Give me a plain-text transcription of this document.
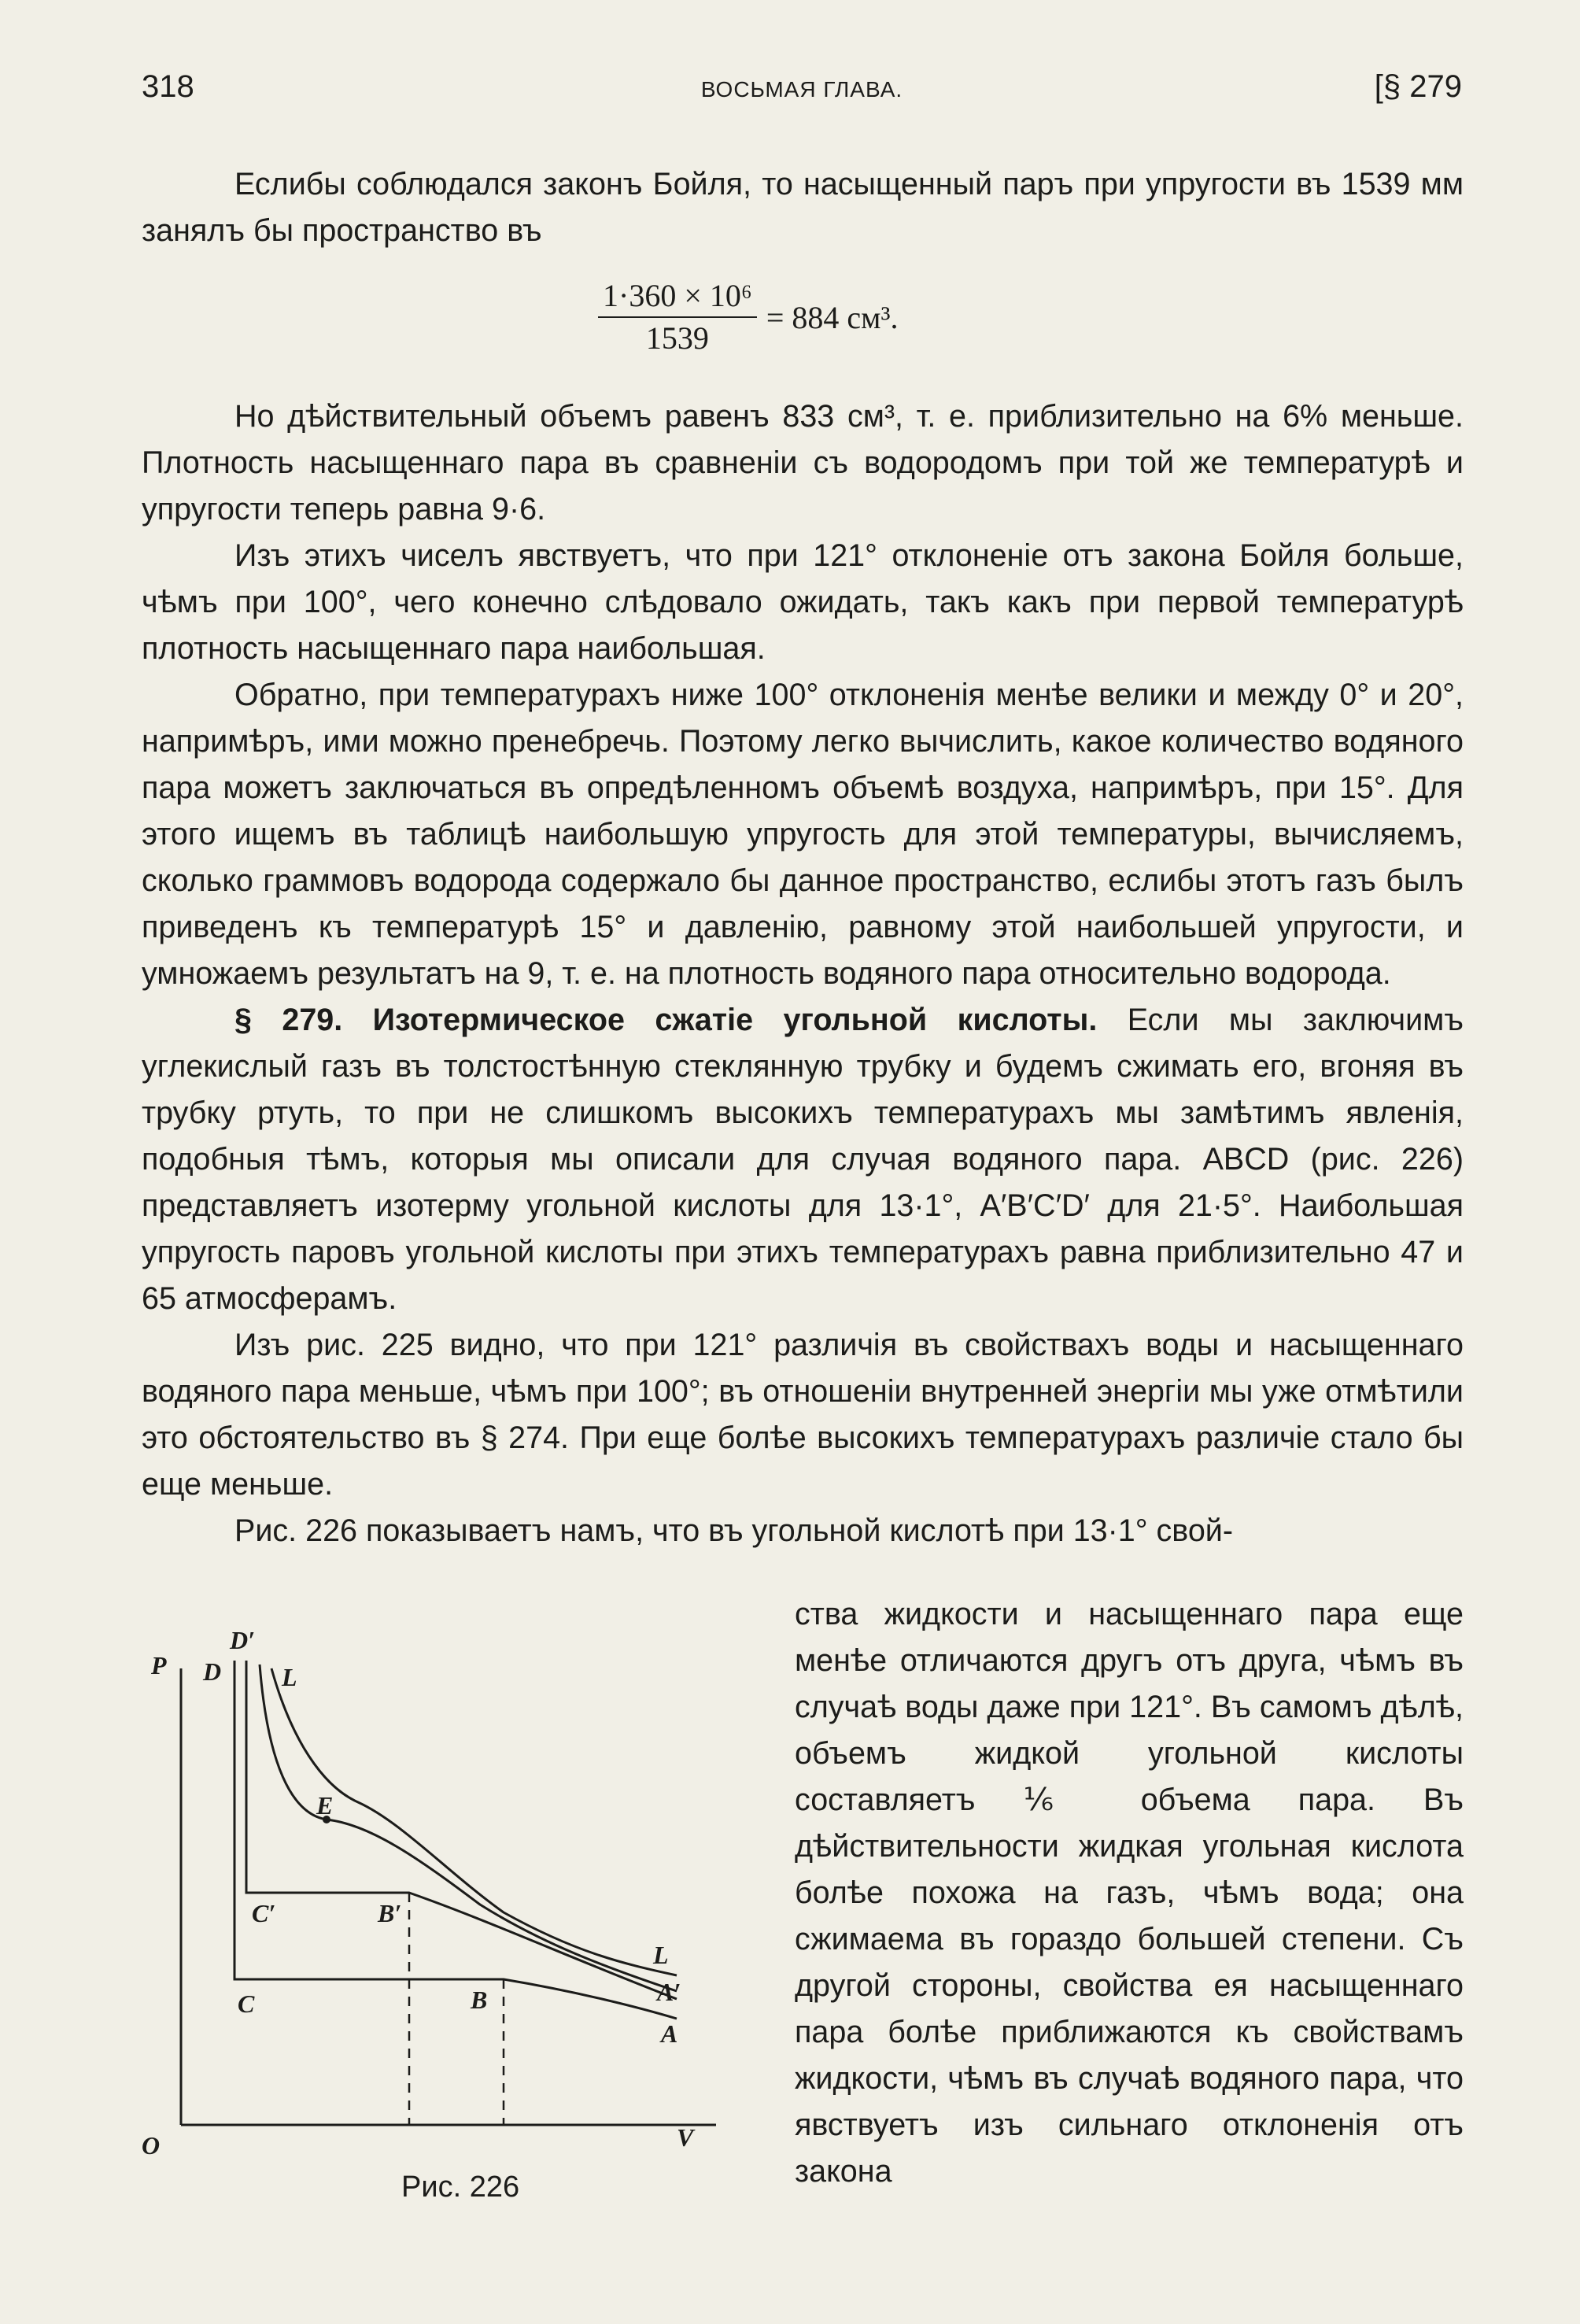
318	ВОСЬМАЯ ГЛАВА.	[§ 279

Еслибы соблюдался законъ Бойля, то насыщенный паръ при упругости въ 1539 мм занялъ бы пространство въ

$\frac{\text{1·360 × 10⁶}}{1539} = 884$ см³.

Но дѣйствительный объемъ равенъ 833 см³, т. е. приблизительно на 6% меньше. Плотность насыщеннаго пара въ сравненіи съ водородомъ при той же температурѣ и упругости теперь равна 9·6.

Изъ этихъ чиселъ явствуетъ, что при 121° отклоненіе отъ закона Бойля больше, чѣмъ при 100°, чего конечно слѣдовало ожидать, такъ какъ при первой температурѣ плотность насыщеннаго пара наибольшая.

Обратно, при температурахъ ниже 100° отклоненія менѣе велики и между 0° и 20°, напримѣръ, ими можно пренебречь. Поэтому легко вычислить, какое количество водяного пара можетъ заключаться въ опредѣленномъ объемѣ воздуха, напримѣръ, при 15°. Для этого ищемъ въ таблицѣ наибольшую упругость для этой температуры, вычисляемъ, сколько граммовъ водорода содержало бы данное пространство, еслибы этотъ газъ былъ приведенъ къ температурѣ 15° и давленію, равному этой наибольшей упругости, и умножаемъ результатъ на 9, т. е. на плотность водяного пара относительно водорода.

§ 279. Изотермическое сжатіе угольной кислоты. Если мы заключимъ углекислый газъ въ толстостѣнную стеклянную трубку и будемъ сжимать его, вгоняя въ трубку ртуть, то при не слишкомъ высокихъ температурахъ мы замѣтимъ явленія, подобныя тѣмъ, которыя мы описали для случая водяного пара. ABCD (рис. 226) представляетъ изотерму угольной кислоты для 13·1°, A′B′C′D′ для 21·5°. Наибольшая упругость паровъ угольной кислоты при этихъ температурахъ равна приблизительно 47 и 65 атмосферамъ.

Изъ рис. 225 видно, что при 121° различія въ свойствахъ воды и насыщеннаго водяного пара меньше, чѣмъ при 100°; въ отношеніи внутренней энергіи мы уже отмѣтили это обстоятельство въ § 274. При еще болѣе высокихъ температурахъ различіе стало бы еще меньше.

Рис. 226 показываетъ намъ, что въ угольной кислотѣ при 13·1° свой-

P D
D′
L
E
C′	B′
C	B
L
A′
A
O	V
Рис. 226

ства жидкости и насыщеннаго пара еще менѣе отличаются другъ отъ друга, чѣмъ въ случаѣ воды даже при 121°. Въ самомъ дѣлѣ, объемъ жидкой угольной кислоты составляетъ ⅙ объема пара. Въ дѣйствительности жидкая угольная кислота болѣе похожа на газъ, чѣмъ вода; она сжимаема въ гораздо большей степени. Съ другой стороны, свойства ея насыщеннаго пара болѣе приближаются къ свойствамъ жидкости, чѣмъ въ случаѣ водяного пара, что явствуетъ изъ сильнаго отклоненія отъ закона
